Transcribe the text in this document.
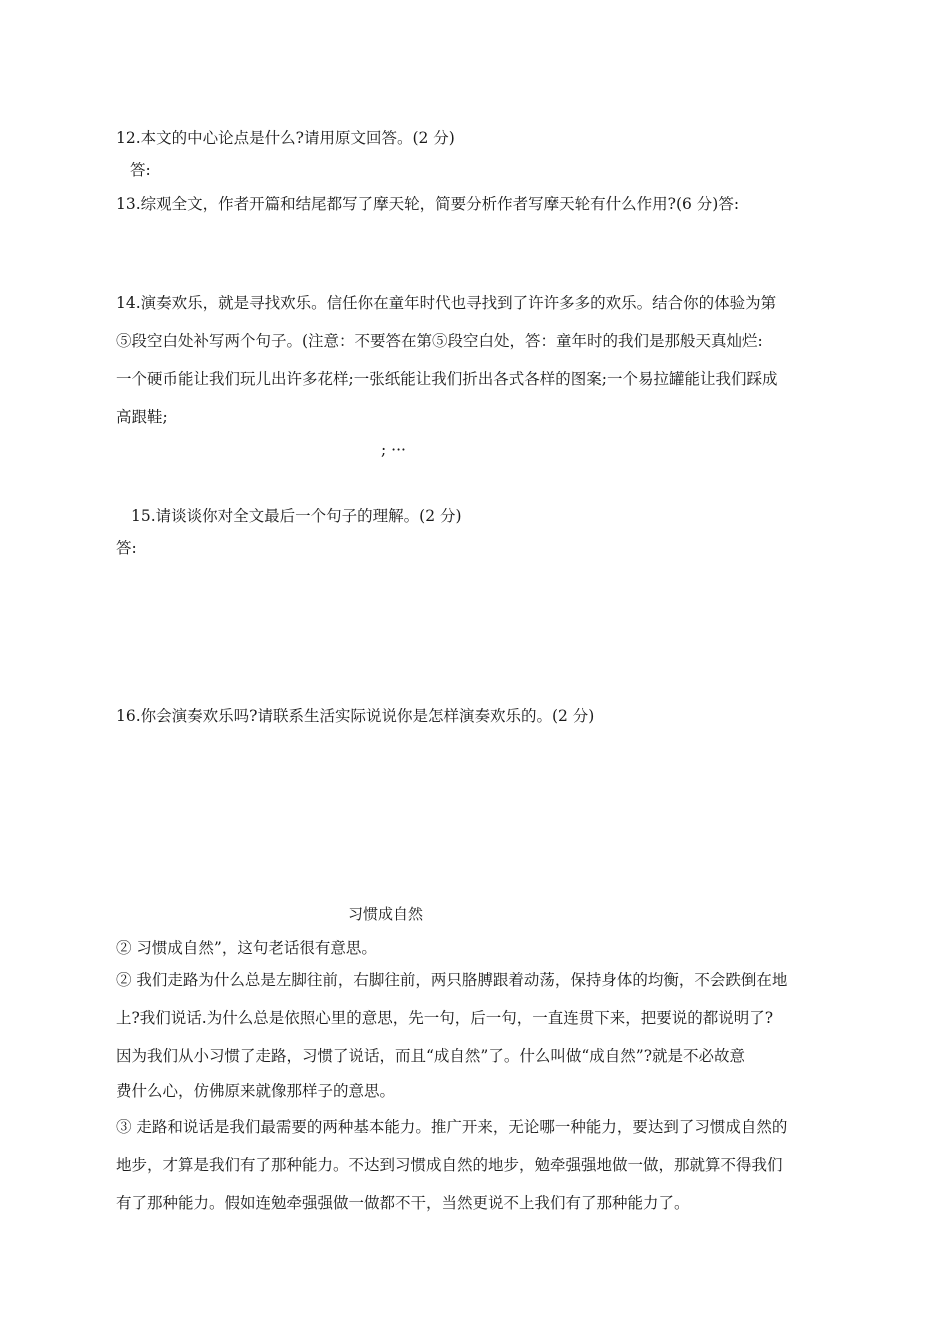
12.本文的中心论点是什么?请用原文回答。(2 分)
答:
13.综观全文，作者开篇和结尾都写了摩天轮，简要分析作者写摩天轮有什么作用?(6 分)答:
14.演奏欢乐，就是寻找欢乐。信任你在童年时代也寻找到了许许多多的欢乐。结合你的体验为第
⑤段空白处补写两个句子。(注意：不要答在第⑤段空白处，答：童年时的我们是那般天真灿烂:
一个硬币能让我们玩儿出许多花样;一张纸能让我们折出各式各样的图案;一个易拉罐能让我们踩成
高跟鞋;
; ···
15.请谈谈你对全文最后一个句子的理解。(2 分)
答:
16.你会演奏欢乐吗?请联系生活实际说说你是怎样演奏欢乐的。(2 分)
习惯成自然
② 习惯成自然”，这句老话很有意思。
② 我们走路为什么总是左脚往前，右脚往前，两只胳膊跟着动荡，保持身体的均衡，不会跌倒在地
上?我们说话.为什么总是依照心里的意思，先一句，后一句，一直连贯下来，把要说的都说明了?
因为我们从小习惯了走路，习惯了说话，而且“成自然”了。什么叫做“成自然”?就是不必故意
费什么心，仿佛原来就像那样子的意思。
③ 走路和说话是我们最需要的两种基本能力。推广开来，无论哪一种能力，要达到了习惯成自然的
地步，才算是我们有了那种能力。不达到习惯成自然的地步，勉牵强强地做一做，那就算不得我们
有了那种能力。假如连勉牵强强做一做都不干，当然更说不上我们有了那种能力了。
